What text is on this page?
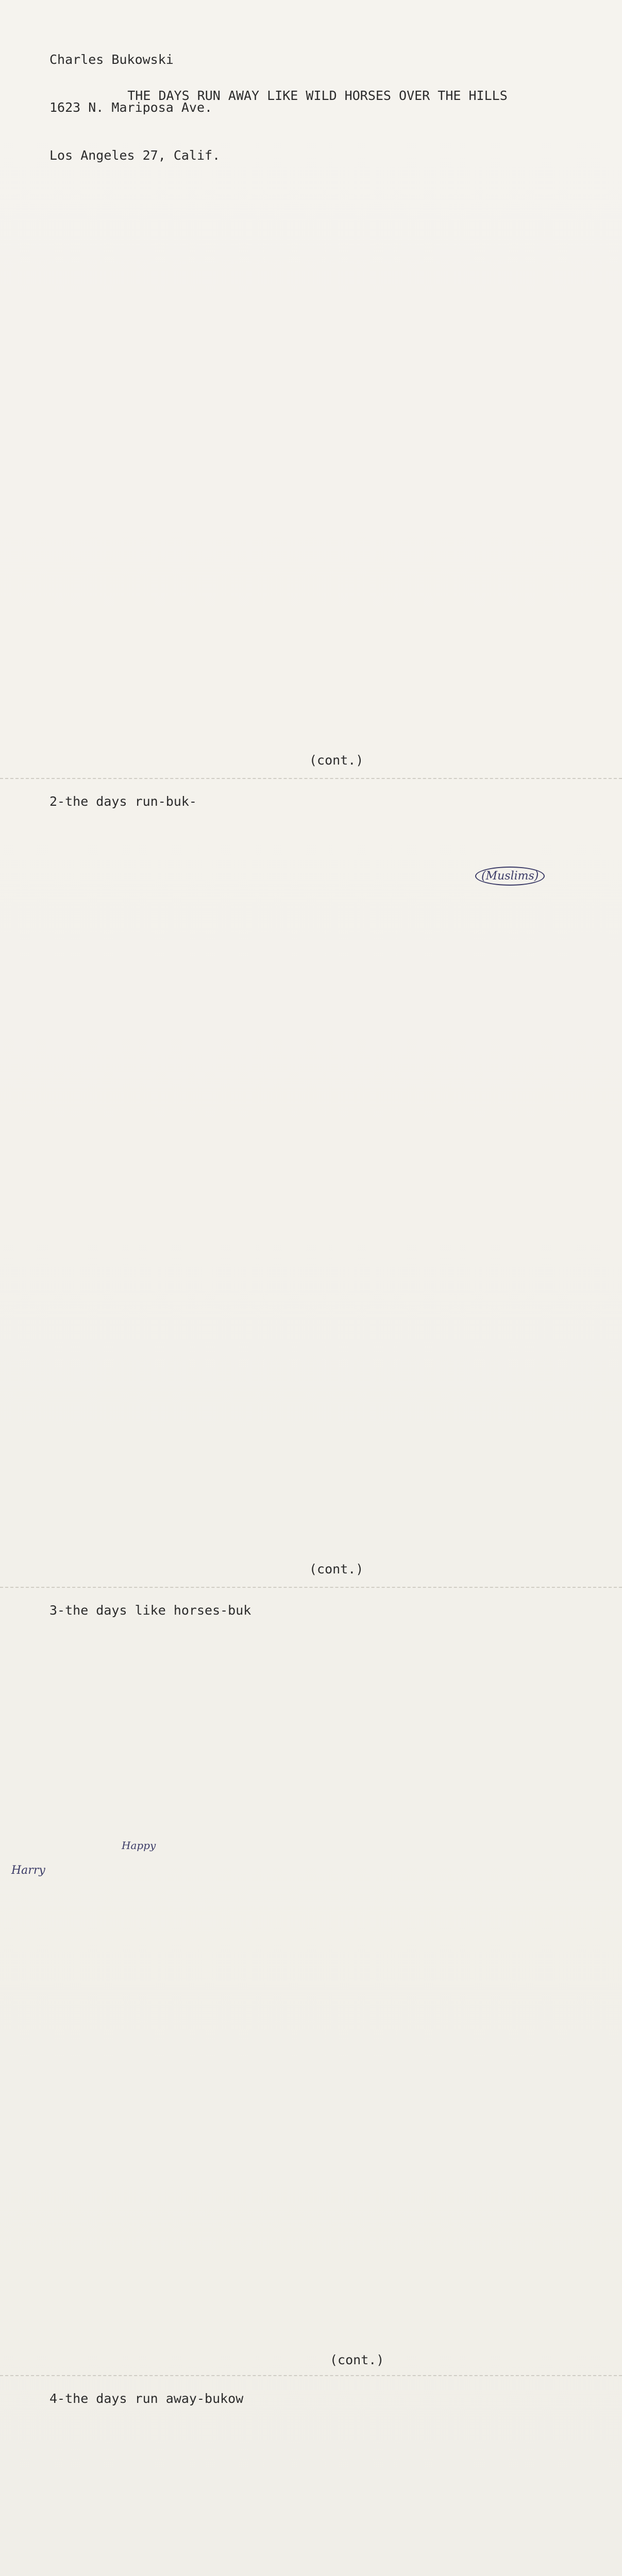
Charles Bukowski

1623 N. Mariposa Ave.

Los Angeles 27, Calif.

THE DAYS RUN AWAY LIKE WILD HORSES OVER THE HILLS
(cont.)
2-the days run-buk-
(Muslims)
(cont.)
3-the days like horses-buk
Happy
Harry
(cont.)
4-the days run away-bukow
